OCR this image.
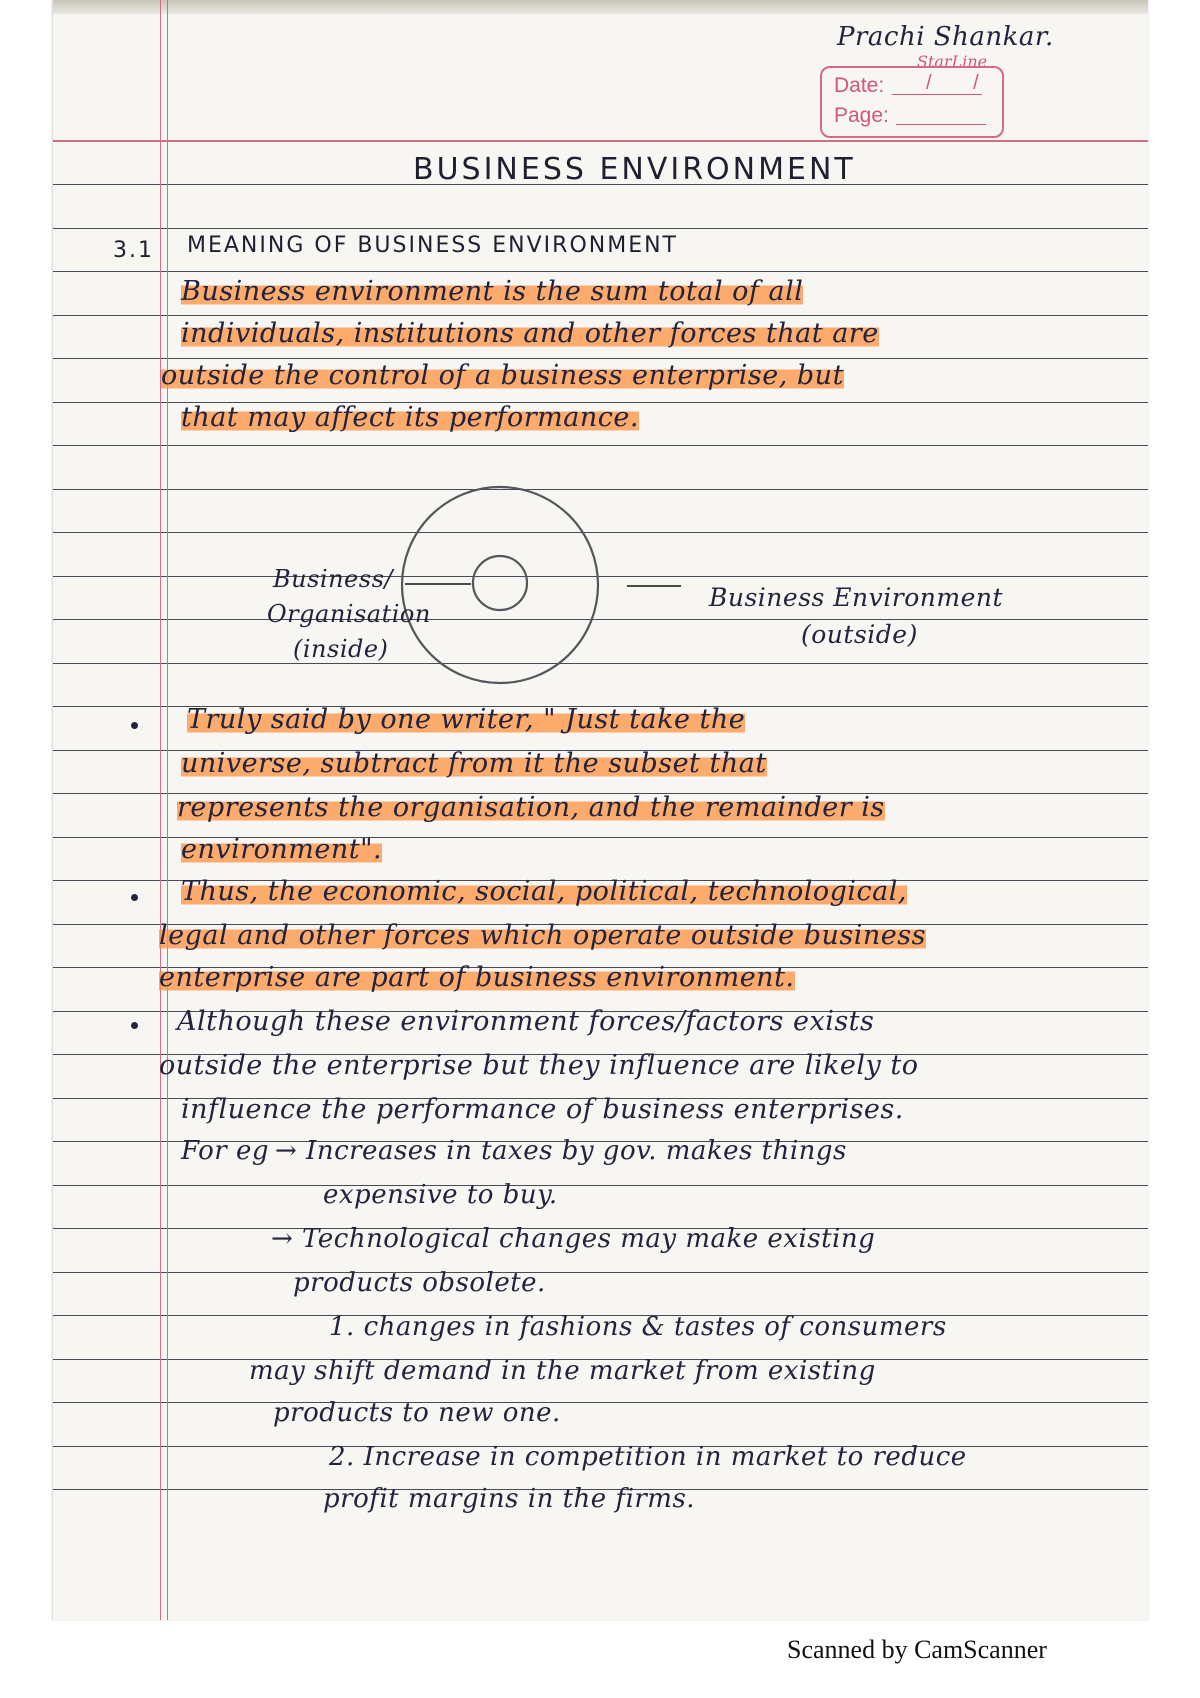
StarLine
Date: / /
Page:
Prachi Shankar.
BUSINESS ENVIRONMENT
3.1 MEANING OF BUSINESS ENVIRONMENT
Business environment is the sum total of all
individuals, institutions and other forces that are
outside the control of a business enterprise, but
that may affect its performance.
Business/
Organisation
(inside)
Business Environment
(outside)
Truly said by one writer, " Just take the
universe, subtract from it the subset that
represents the organisation, and the remainder is
environment".
Thus, the economic, social, political, technological,
legal and other forces which operate outside business
enterprise are part of business environment.
Although these environment forces/factors exists
outside the enterprise but they influence are likely to
influence the performance of business enterprises.
For eg → Increases in taxes by gov. makes things
expensive to buy.
→ Technological changes may make existing
products obsolete.
1. changes in fashions & tastes of consumers
may shift demand in the market from existing
products to new one.
2. Increase in competition in market to reduce
profit margins in the firms.
Scanned by CamScanner
